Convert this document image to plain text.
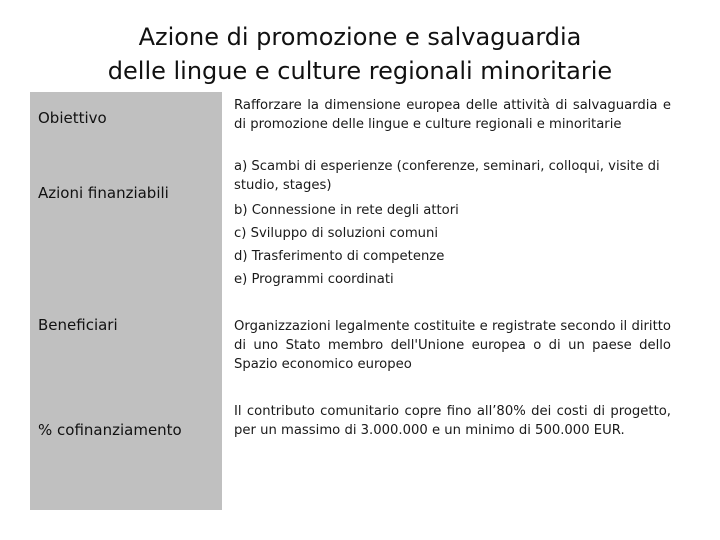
Azione di promozione e salvaguardia
delle lingue e culture regionali minoritarie
Obiettivo
Azioni finanziabili
Beneficiari
% cofinanziamento
Rafforzare la dimensione europea delle attività di salvaguardia e di promozione delle lingue e culture regionali e minoritarie
a) Scambi di esperienze (conferenze, seminari, colloqui, visite di studio, stages)
b) Connessione in rete degli attori
c) Sviluppo di soluzioni comuni
d) Trasferimento di competenze
e) Programmi coordinati
Organizzazioni legalmente costituite e registrate secondo il diritto di uno Stato membro dell'Unione europea o di un paese dello Spazio economico europeo
Il contributo comunitario copre fino all’80% dei costi di progetto, per un massimo di 3.000.000 e un minimo di 500.000 EUR.
